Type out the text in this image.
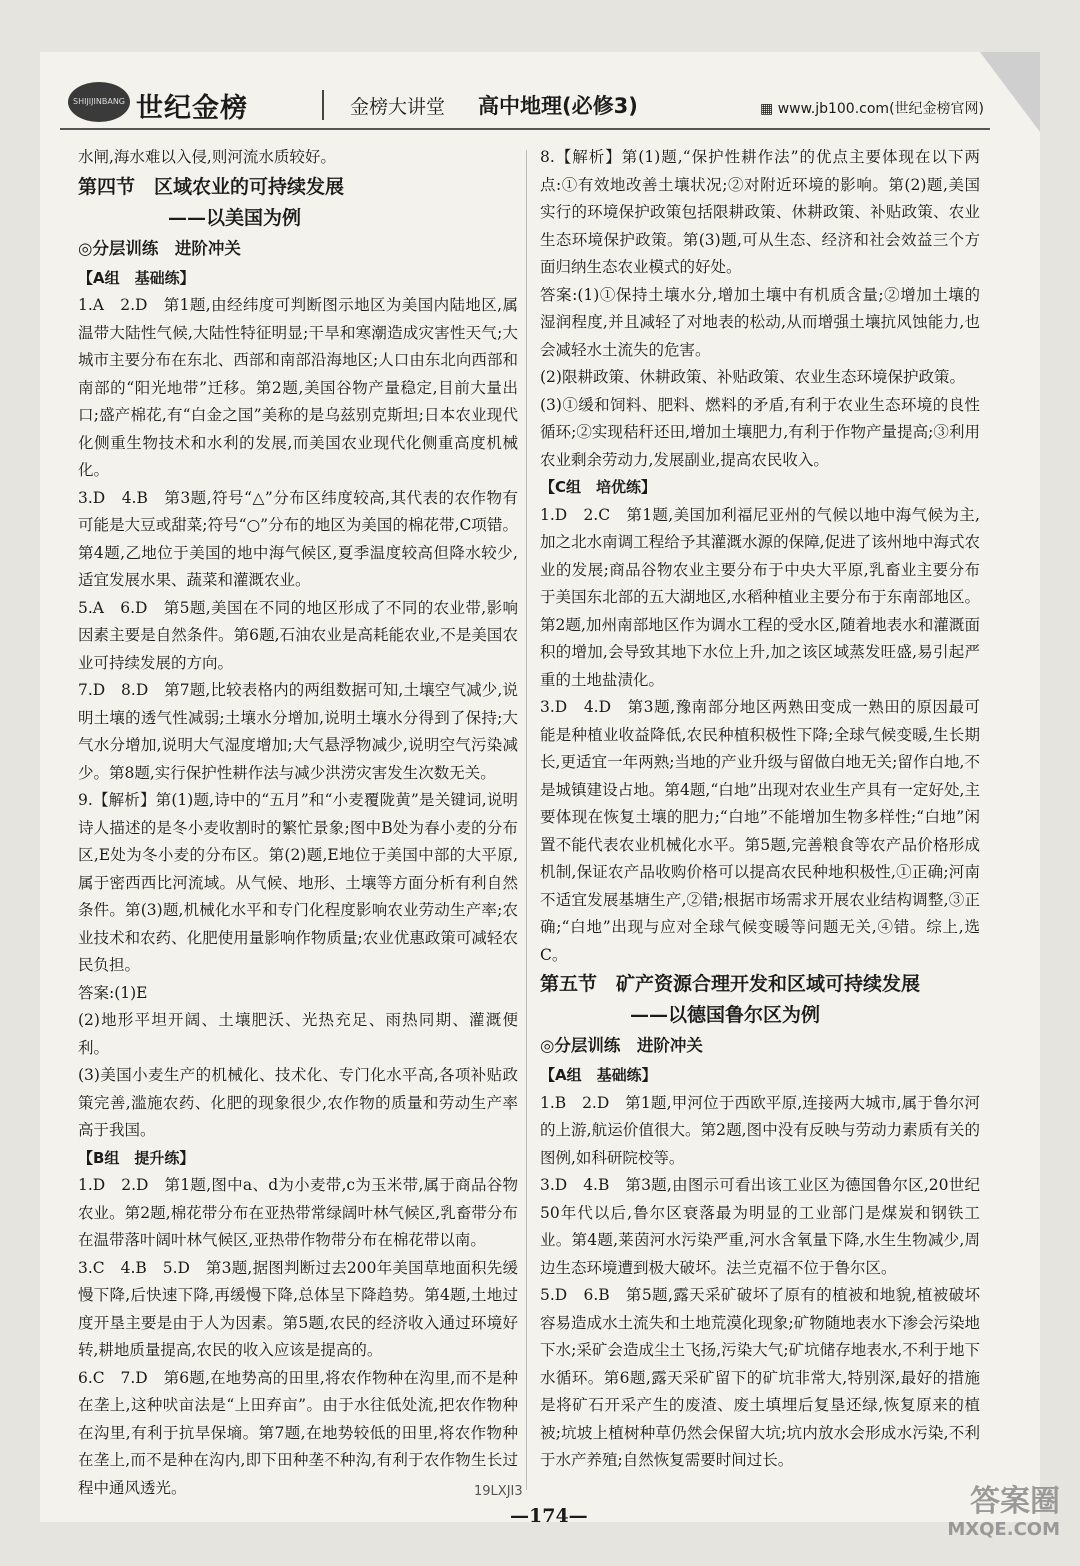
SHIJIJINBANG 世纪金榜	金榜大讲堂 高中地理(必修3)	▦ www.jb100.com(世纪金榜官网)

水闸,海水难以入侵,则河流水质较好。

第四节　区域农业的可持续发展

——以美国为例

◎分层训练　进阶冲关

【A组　基础练】

1.A　2.D　第1题,由经纬度可判断图示地区为美国内陆地区,属温带大陆性气候,大陆性特征明显;干旱和寒潮造成灾害性天气;大城市主要分布在东北、西部和南部沿海地区;人口由东北向西部和南部的“阳光地带”迁移。第2题,美国谷物产量稳定,目前大量出口;盛产棉花,有“白金之国”美称的是乌兹别克斯坦;日本农业现代化侧重生物技术和水利的发展,而美国农业现代化侧重高度机械化。

3.D　4.B　第3题,符号“△”分布区纬度较高,其代表的农作物有可能是大豆或甜菜;符号“○”分布的地区为美国的棉花带,C项错。第4题,乙地位于美国的地中海气候区,夏季温度较高但降水较少,适宜发展水果、蔬菜和灌溉农业。

5.A　6.D　第5题,美国在不同的地区形成了不同的农业带,影响因素主要是自然条件。第6题,石油农业是高耗能农业,不是美国农业可持续发展的方向。

7.D　8.D　第7题,比较表格内的两组数据可知,土壤空气减少,说明土壤的透气性减弱;土壤水分增加,说明土壤水分得到了保持;大气水分增加,说明大气湿度增加;大气悬浮物减少,说明空气污染减少。第8题,实行保护性耕作法与减少洪涝灾害发生次数无关。

9.【解析】第(1)题,诗中的“五月”和“小麦覆陇黄”是关键词,说明诗人描述的是冬小麦收割时的繁忙景象;图中B处为春小麦的分布区,E处为冬小麦的分布区。第(2)题,E地位于美国中部的大平原,属于密西西比河流域。从气候、地形、土壤等方面分析有利自然条件。第(3)题,机械化水平和专门化程度影响农业劳动生产率;农业技术和农药、化肥使用量影响作物质量;农业优惠政策可减轻农民负担。

答案:(1)E

(2)地形平坦开阔、土壤肥沃、光热充足、雨热同期、灌溉便利。

(3)美国小麦生产的机械化、技术化、专门化水平高,各项补贴政策完善,滥施农药、化肥的现象很少,农作物的质量和劳动生产率高于我国。

【B组　提升练】

1.D　2.D　第1题,图中a、d为小麦带,c为玉米带,属于商品谷物农业。第2题,棉花带分布在亚热带常绿阔叶林气候区,乳畜带分布在温带落叶阔叶林气候区,亚热带作物带分布在棉花带以南。

3.C　4.B　5.D　第3题,据图判断过去200年美国草地面积先缓慢下降,后快速下降,再缓慢下降,总体呈下降趋势。第4题,土地过度开垦主要是由于人为因素。第5题,农民的经济收入通过环境好转,耕地质量提高,农民的收入应该是提高的。

6.C　7.D　第6题,在地势高的田里,将农作物种在沟里,而不是种在垄上,这种吠亩法是“上田弃亩”。由于水往低处流,把农作物种在沟里,有利于抗旱保墒。第7题,在地势较低的田里,将农作物种在垄上,而不是种在沟内,即下田种垄不种沟,有利于农作物生长过程中通风透光。

8.【解析】第(1)题,“保护性耕作法”的优点主要体现在以下两点:①有效地改善土壤状况;②对附近环境的影响。第(2)题,美国实行的环境保护政策包括限耕政策、休耕政策、补贴政策、农业生态环境保护政策。第(3)题,可从生态、经济和社会效益三个方面归纳生态农业模式的好处。

答案:(1)①保持土壤水分,增加土壤中有机质含量;②增加土壤的湿润程度,并且减轻了对地表的松动,从而增强土壤抗风蚀能力,也会减轻水土流失的危害。

(2)限耕政策、休耕政策、补贴政策、农业生态环境保护政策。

(3)①缓和饲料、肥料、燃料的矛盾,有利于农业生态环境的良性循环;②实现秸秆还田,增加土壤肥力,有利于作物产量提高;③利用农业剩余劳动力,发展副业,提高农民收入。

【C组　培优练】

1.D　2.C　第1题,美国加利福尼亚州的气候以地中海气候为主,加之北水南调工程给予其灌溉水源的保障,促进了该州地中海式农业的发展;商品谷物农业主要分布于中央大平原,乳畜业主要分布于美国东北部的五大湖地区,水稻种植业主要分布于东南部地区。第2题,加州南部地区作为调水工程的受水区,随着地表水和灌溉面积的增加,会导致其地下水位上升,加之该区域蒸发旺盛,易引起严重的土地盐渍化。

3.D　4.D　第3题,豫南部分地区两熟田变成一熟田的原因最可能是种植业收益降低,农民种植积极性下降;全球气候变暖,生长期长,更适宜一年两熟;当地的产业升级与留做白地无关;留作白地,不是城镇建设占地。第4题,“白地”出现对农业生产具有一定好处,主要体现在恢复土壤的肥力;“白地”不能增加生物多样性;“白地”闲置不能代表农业机械化水平。第5题,完善粮食等农产品价格形成机制,保证农产品收购价格可以提高农民种地积极性,①正确;河南不适宜发展基塘生产,②错;根据市场需求开展农业结构调整,③正确;“白地”出现与应对全球气候变暖等问题无关,④错。综上,选C。

第五节　矿产资源合理开发和区域可持续发展

——以德国鲁尔区为例

◎分层训练　进阶冲关

【A组　基础练】

1.B　2.D　第1题,甲河位于西欧平原,连接两大城市,属于鲁尔河的上游,航运价值很大。第2题,图中没有反映与劳动力素质有关的图例,如科研院校等。

3.D　4.B　第3题,由图示可看出该工业区为德国鲁尔区,20世纪50年代以后,鲁尔区衰落最为明显的工业部门是煤炭和钢铁工业。第4题,莱茵河水污染严重,河水含氧量下降,水生生物减少,周边生态环境遭到极大破坏。法兰克福不位于鲁尔区。

5.D　6.B　第5题,露天采矿破坏了原有的植被和地貌,植被破坏容易造成水土流失和土地荒漠化现象;矿物随地表水下渗会污染地下水;采矿会造成尘土飞扬,污染大气;矿坑储存地表水,不利于地下水循环。第6题,露天采矿留下的矿坑非常大,特别深,最好的措施是将矿石开采产生的废渣、废土填埋后复垦还绿,恢复原来的植被;坑坡上植树种草仍然会保留大坑;坑内放水会形成水污染,不利于水产养殖;自然恢复需要时间过长。

19LXJI3
—174—	答案圈
MXQE.COM
